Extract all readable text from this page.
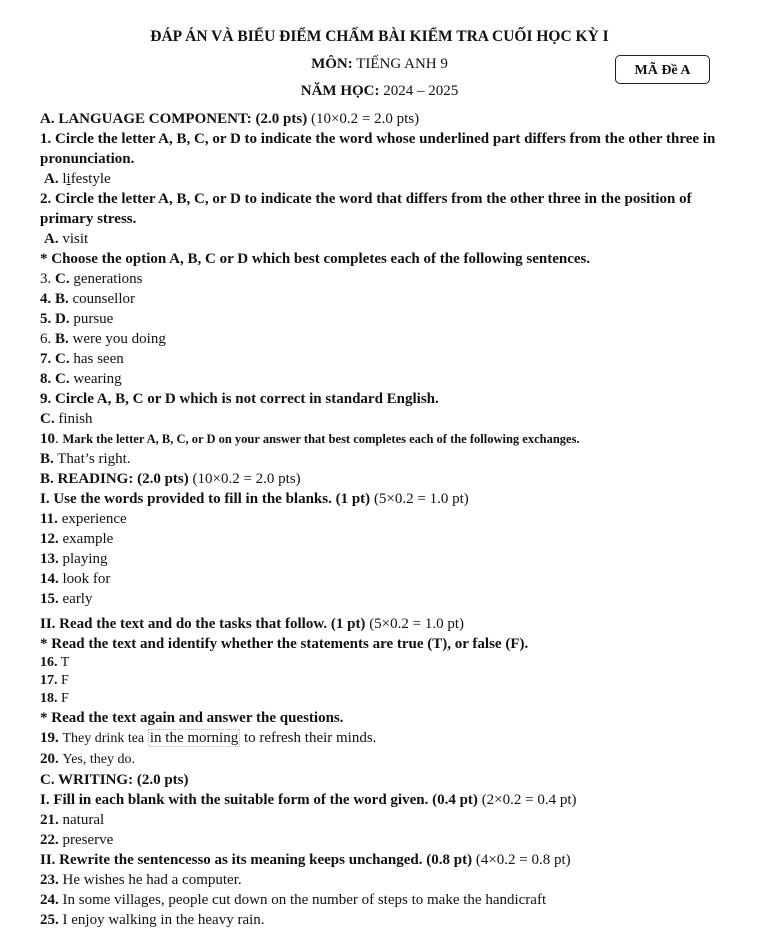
ĐÁP ÁN VÀ BIỂU ĐIỂM CHẤM BÀI KIỂM TRA CUỐI HỌC KỲ I
MÔN: TIẾNG ANH 9	MÃ Đề A
NĂM HỌC: 2024 – 2025
A. LANGUAGE COMPONENT: (2.0 pts) (10×0.2 = 2.0 pts)
1. Circle the letter A, B, C, or D to indicate the word whose underlined part differs from the other three in pronunciation.
A. lifestyle
2. Circle the letter A, B, C, or D to indicate the word that differs from the other three in the position of primary stress.
A. visit
* Choose the option A, B, C or D which best completes each of the following sentences.
3. C. generations
4. B. counsellor
5. D. pursue
6. B. were you doing
7. C. has seen
8. C. wearing
9. Circle A, B, C or D which is not correct in standard English.
C. finish
10. Mark the letter A, B, C, or D on your answer that best completes each of the following exchanges.
B. That’s right.
B. READING: (2.0 pts) (10×0.2 = 2.0 pts)
I. Use the words provided to fill in the blanks. (1 pt) (5×0.2 = 1.0 pt)
11. experience
12. example
13. playing
14. look for
15. early
II. Read the text and do the tasks that follow. (1 pt) (5×0.2 = 1.0 pt)
* Read the text and identify whether the statements are true (T), or false (F).
16. T
17. F
18. F
* Read the text again and answer the questions.
19. They drink tea in the morning to refresh their minds.
20. Yes, they do.
C. WRITING: (2.0 pts)
I. Fill in each blank with the suitable form of the word given. (0.4 pt) (2×0.2 = 0.4 pt)
21. natural
22. preserve
II. Rewrite the sentencesso as its meaning keeps unchanged. (0.8 pt) (4×0.2 = 0.8 pt)
23. He wishes he had a computer.
24. In some villages, people cut down on the number of steps to make the handicraft
25. I enjoy walking in the heavy rain.
